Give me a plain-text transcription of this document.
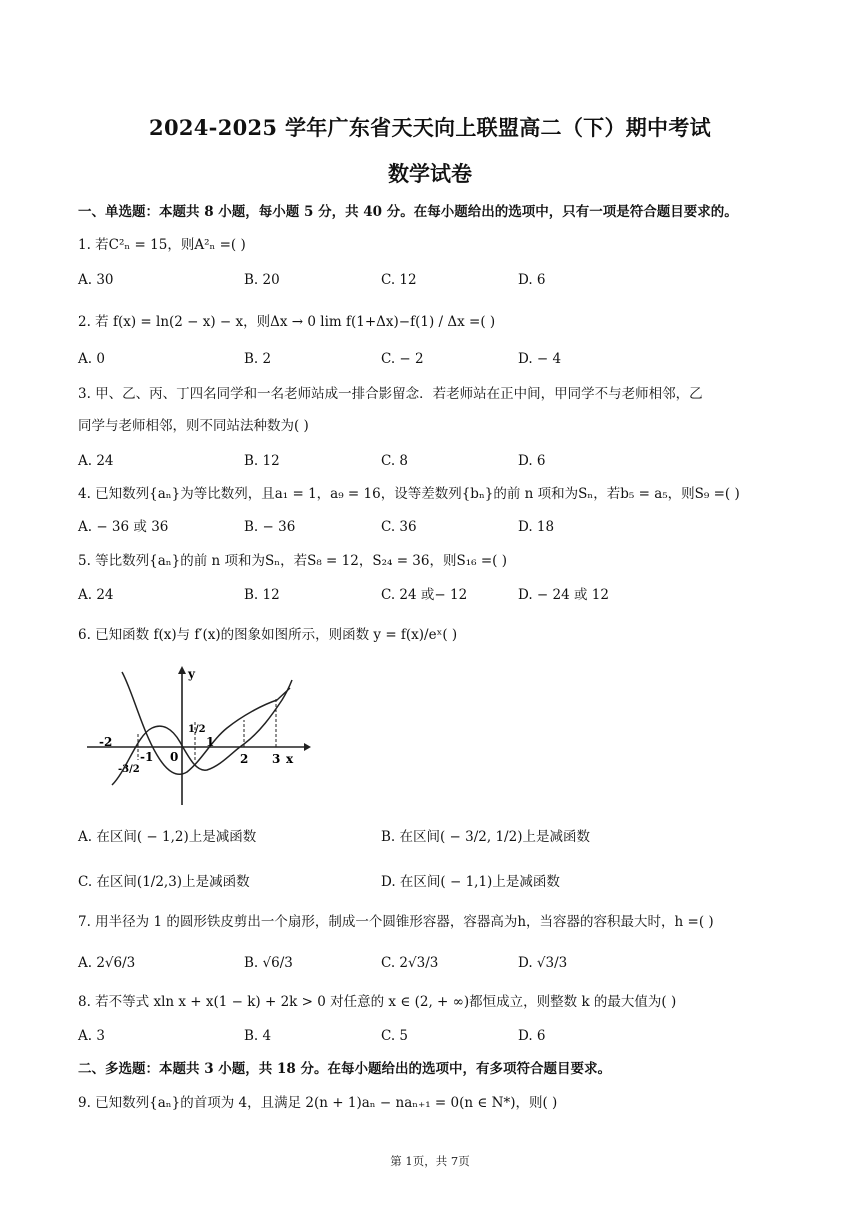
2024-2025 学年广东省天天向上联盟高二（下）期中考试
数学试卷
一、单选题：本题共 8 小题，每小题 5 分，共 40 分。在每小题给出的选项中，只有一项是符合题目要求的。
1. 若C²ₙ = 15，则A²ₙ =( )
A. 30	B. 20	C. 12	D. 6
2. 若 f(x) = ln(2 − x) − x，则Δx → 0 lim f(1+Δx)−f(1) / Δx =( )
A. 0	B. 2	C. − 2	D. − 4
3. 甲、乙、丙、丁四名同学和一名老师站成一排合影留念．若老师站在正中间，甲同学不与老师相邻，乙
同学与老师相邻，则不同站法种数为( )
A. 24	B. 12	C. 8	D. 6
4. 已知数列{aₙ}为等比数列，且a₁ = 1，a₉ = 16，设等差数列{bₙ}的前 n 项和为Sₙ，若b₅ = a₅，则S₉ =( )
A. − 36 或 36	B. − 36	C. 36	D. 18
5. 等比数列{aₙ}的前 n 项和为Sₙ，若S₈ = 12，S₂₄ = 36，则S₁₆ =( )
A. 24	B. 12	C. 24 或− 12	D. − 24 或 12
6. 已知函数 f(x)与 f′(x)的图象如图所示，则函数 y = f(x)/eˣ( )
y
x
-2
-1 0
1/2
1
2 3
-3/2
A. 在区间( − 1,2)上是减函数	B. 在区间( − 3/2, 1/2)上是减函数
C. 在区间(1/2,3)上是减函数	D. 在区间( − 1,1)上是减函数
7. 用半径为 1 的圆形铁皮剪出一个扇形，制成一个圆锥形容器，容器高为h，当容器的容积最大时，h =( )
A. 2√6/3	B. √6/3	C. 2√3/3	D. √3/3
8. 若不等式 xln x + x(1 − k) + 2k > 0 对任意的 x ∈ (2, + ∞)都恒成立，则整数 k 的最大值为( )
A. 3	B. 4	C. 5	D. 6
二、多选题：本题共 3 小题，共 18 分。在每小题给出的选项中，有多项符合题目要求。
9. 已知数列{aₙ}的首项为 4，且满足 2(n + 1)aₙ − naₙ₊₁ = 0(n ∈ N*)，则( )
第 1页，共 7页
